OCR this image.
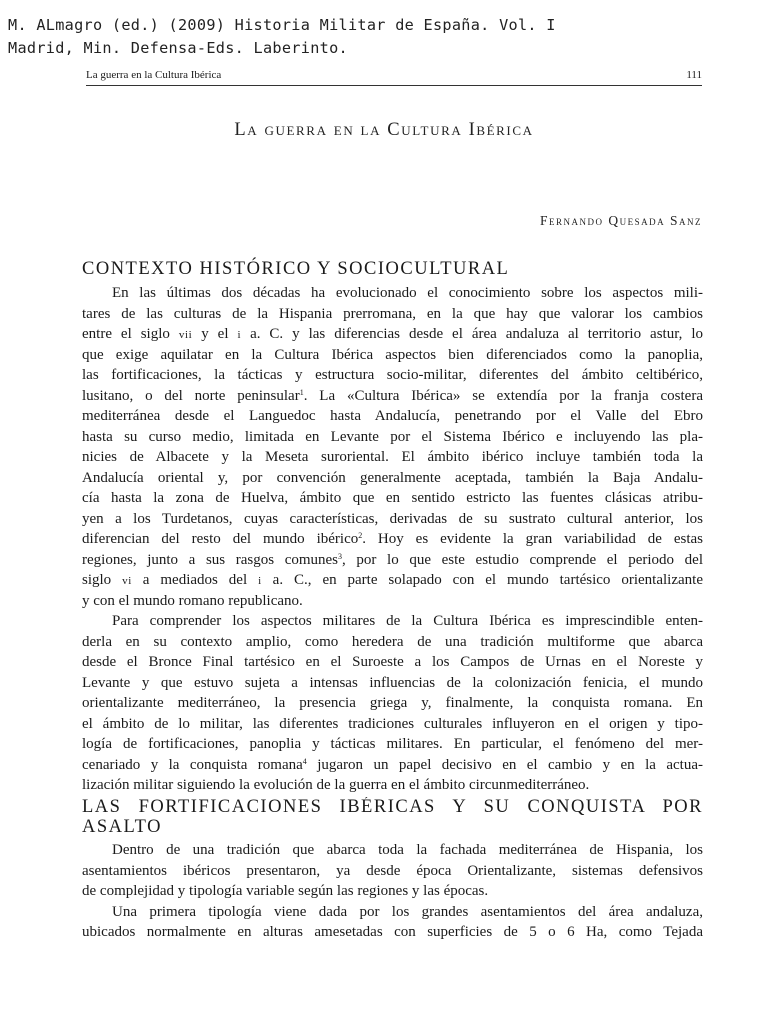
M. ALmagro (ed.) (2009) Historia Militar de España. Vol. I
Madrid, Min. Defensa-Eds. Laberinto.
La guerra en la Cultura Ibérica	111
La guerra en la Cultura Ibérica
Fernando Quesada Sanz
CONTEXTO HISTÓRICO Y SOCIOCULTURAL
En las últimas dos décadas ha evolucionado el conocimiento sobre los aspectos mili-
tares de las culturas de la Hispania prerromana, en la que hay que valorar los cambios
entre el siglo vii y el i a. C. y las diferencias desde el área andaluza al territorio astur, lo
que exige aquilatar en la Cultura Ibérica aspectos bien diferenciados como la panoplia,
las fortificaciones, la tácticas y estructura socio-militar, diferentes del ámbito celtibérico,
lusitano, o del norte peninsular$^1$. La «Cultura Ibérica» se extendía por la franja costera
mediterránea desde el Languedoc hasta Andalucía, penetrando por el Valle del Ebro
hasta su curso medio, limitada en Levante por el Sistema Ibérico e incluyendo las pla-
nicies de Albacete y la Meseta suroriental. El ámbito ibérico incluye también toda la
Andalucía oriental y, por convención generalmente aceptada, también la Baja Andalu-
cía hasta la zona de Huelva, ámbito que en sentido estricto las fuentes clásicas atribu-
yen a los Turdetanos, cuyas características, derivadas de su sustrato cultural anterior, los
diferencian del resto del mundo ibérico$^2$. Hoy es evidente la gran variabilidad de estas
regiones, junto a sus rasgos comunes$^3$, por lo que este estudio comprende el periodo del
siglo vi a mediados del i a. C., en parte solapado con el mundo tartésico orientalizante
y con el mundo romano republicano.
Para comprender los aspectos militares de la Cultura Ibérica es imprescindible enten-
derla en su contexto amplio, como heredera de una tradición multiforme que abarca
desde el Bronce Final tartésico en el Suroeste a los Campos de Urnas en el Noreste y
Levante y que estuvo sujeta a intensas influencias de la colonización fenicia, el mundo
orientalizante mediterráneo, la presencia griega y, finalmente, la conquista romana. En
el ámbito de lo militar, las diferentes tradiciones culturales influyeron en el origen y tipo-
logía de fortificaciones, panoplia y tácticas militares. En particular, el fenómeno del mer-
cenariado y la conquista romana$^4$ jugaron un papel decisivo en el cambio y en la actua-
lización militar siguiendo la evolución de la guerra en el ámbito circunmediterráneo.
LAS FORTIFICACIONES IBÉRICAS Y SU CONQUISTA POR
ASALTO
Dentro de una tradición que abarca toda la fachada mediterránea de Hispania, los
asentamientos ibéricos presentaron, ya desde época Orientalizante, sistemas defensivos
de complejidad y tipología variable según las regiones y las épocas.
Una primera tipología viene dada por los grandes asentamientos del área andaluza,
ubicados normalmente en alturas amesetadas con superficies de 5 o 6 Ha, como Tejada
